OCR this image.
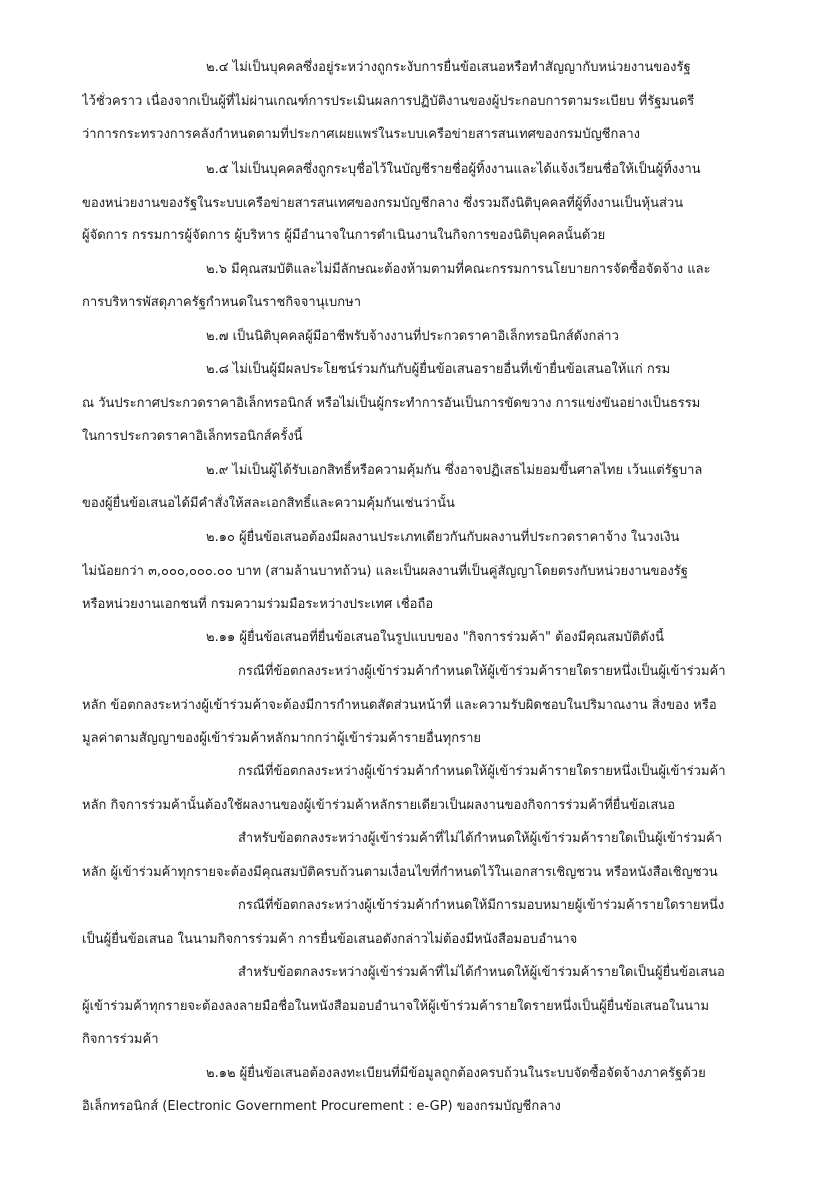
๒.๔ ไม่เป็นบุคคลซึ่งอยู่ระหว่างถูกระงับการยื่นข้อเสนอหรือทำสัญญากับหน่วยงานของรัฐ
ไว้ชั่วคราว เนื่องจากเป็นผู้ที่ไม่ผ่านเกณฑ์การประเมินผลการปฏิบัติงานของผู้ประกอบการตามระเบียบ ที่รัฐมนตรี
ว่าการกระทรวงการคลังกำหนดตามที่ประกาศเผยแพร่ในระบบเครือข่ายสารสนเทศของกรมบัญชีกลาง
๒.๕ ไม่เป็นบุคคลซึ่งถูกระบุชื่อไว้ในบัญชีรายชื่อผู้ทิ้งงานและได้แจ้งเวียนชื่อให้เป็นผู้ทิ้งงาน
ของหน่วยงานของรัฐในระบบเครือข่ายสารสนเทศของกรมบัญชีกลาง ซึ่งรวมถึงนิติบุคคลที่ผู้ทิ้งงานเป็นหุ้นส่วน
ผู้จัดการ กรรมการผู้จัดการ ผู้บริหาร ผู้มีอำนาจในการดำเนินงานในกิจการของนิติบุคคลนั้นด้วย
๒.๖ มีคุณสมบัติและไม่มีลักษณะต้องห้ามตามที่คณะกรรมการนโยบายการจัดซื้อจัดจ้าง และ
การบริหารพัสดุภาครัฐกำหนดในราชกิจจานุเบกษา
๒.๗ เป็นนิติบุคคลผู้มีอาชีพรับจ้างงานที่ประกวดราคาอิเล็กทรอนิกส์ดังกล่าว
๒.๘ ไม่เป็นผู้มีผลประโยชน์ร่วมกันกับผู้ยื่นข้อเสนอรายอื่นที่เข้ายื่นข้อเสนอให้แก่ กรม
ณ วันประกาศประกวดราคาอิเล็กทรอนิกส์ หรือไม่เป็นผู้กระทำการอันเป็นการขัดขวาง การแข่งขันอย่างเป็นธรรม
ในการประกวดราคาอิเล็กทรอนิกส์ครั้งนี้
๒.๙ ไม่เป็นผู้ได้รับเอกสิทธิ์หรือความคุ้มกัน ซึ่งอาจปฏิเสธไม่ยอมขึ้นศาลไทย เว้นแต่รัฐบาล
ของผู้ยื่นข้อเสนอได้มีคำสั่งให้สละเอกสิทธิ์และความคุ้มกันเช่นว่านั้น
๒.๑๐ ผู้ยื่นข้อเสนอต้องมีผลงานประเภทเดียวกันกับผลงานที่ประกวดราคาจ้าง ในวงเงิน
ไม่น้อยกว่า ๓,๐๐๐,๐๐๐.๐๐ บาท (สามล้านบาทถ้วน) และเป็นผลงานที่เป็นคู่สัญญาโดยตรงกับหน่วยงานของรัฐ
หรือหน่วยงานเอกชนที่ กรมความร่วมมือระหว่างประเทศ เชื่อถือ
๒.๑๑ ผู้ยื่นข้อเสนอที่ยื่นข้อเสนอในรูปแบบของ "กิจการร่วมค้า" ต้องมีคุณสมบัติดังนี้
กรณีที่ข้อตกลงระหว่างผู้เข้าร่วมค้ากำหนดให้ผู้เข้าร่วมค้ารายใดรายหนึ่งเป็นผู้เข้าร่วมค้า
หลัก ข้อตกลงระหว่างผู้เข้าร่วมค้าจะต้องมีการกำหนดสัดส่วนหน้าที่ และความรับผิดชอบในปริมาณงาน สิ่งของ หรือ
มูลค่าตามสัญญาของผู้เข้าร่วมค้าหลักมากกว่าผู้เข้าร่วมค้ารายอื่นทุกราย
กรณีที่ข้อตกลงระหว่างผู้เข้าร่วมค้ากำหนดให้ผู้เข้าร่วมค้ารายใดรายหนึ่งเป็นผู้เข้าร่วมค้า
หลัก กิจการร่วมค้านั้นต้องใช้ผลงานของผู้เข้าร่วมค้าหลักรายเดียวเป็นผลงานของกิจการร่วมค้าที่ยื่นข้อเสนอ
สำหรับข้อตกลงระหว่างผู้เข้าร่วมค้าที่ไม่ได้กำหนดให้ผู้เข้าร่วมค้ารายใดเป็นผู้เข้าร่วมค้า
หลัก ผู้เข้าร่วมค้าทุกรายจะต้องมีคุณสมบัติครบถ้วนตามเงื่อนไขที่กำหนดไว้ในเอกสารเชิญชวน หรือหนังสือเชิญชวน
กรณีที่ข้อตกลงระหว่างผู้เข้าร่วมค้ากำหนดให้มีการมอบหมายผู้เข้าร่วมค้ารายใดรายหนึ่ง
เป็นผู้ยื่นข้อเสนอ ในนามกิจการร่วมค้า การยื่นข้อเสนอดังกล่าวไม่ต้องมีหนังสือมอบอำนาจ
สำหรับข้อตกลงระหว่างผู้เข้าร่วมค้าที่ไม่ได้กำหนดให้ผู้เข้าร่วมค้ารายใดเป็นผู้ยื่นข้อเสนอ
ผู้เข้าร่วมค้าทุกรายจะต้องลงลายมือชื่อในหนังสือมอบอำนาจให้ผู้เข้าร่วมค้ารายใดรายหนึ่งเป็นผู้ยื่นข้อเสนอในนาม
กิจการร่วมค้า
๒.๑๒ ผู้ยื่นข้อเสนอต้องลงทะเบียนที่มีข้อมูลถูกต้องครบถ้วนในระบบจัดซื้อจัดจ้างภาครัฐด้วย
อิเล็กทรอนิกส์ (Electronic Government Procurement : e-GP) ของกรมบัญชีกลาง
